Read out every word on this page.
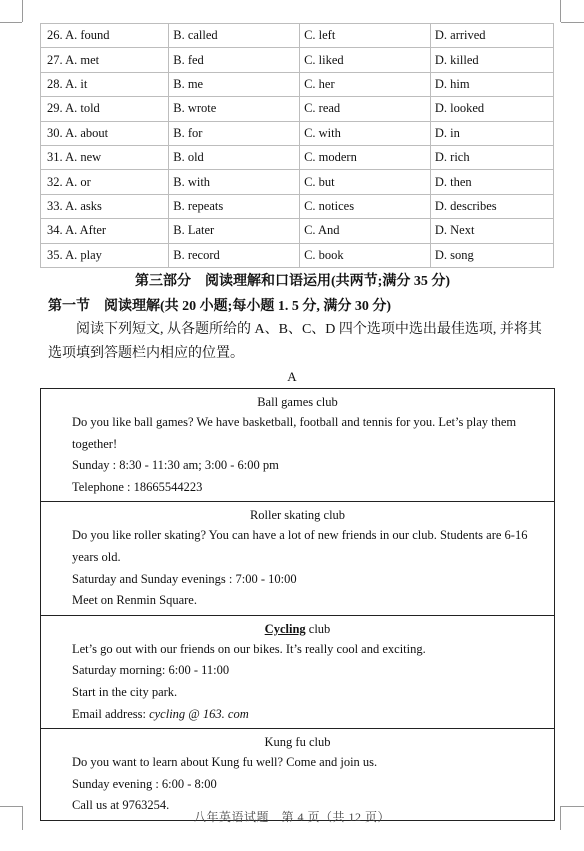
26. A. found	B. called	C. left	D. arrived
27. A. met	B. fed	C. liked	D. killed
28. A. it	B. me	C. her	D. him
29. A. told	B. wrote	C. read	D. looked
30. A. about	B. for	C. with	D. in
31. A. new	B. old	C. modern	D. rich
32. A. or	B. with	C. but	D. then
33. A. asks	B. repeats	C. notices	D. describes
34. A. After	B. Later	C. And	D. Next
35. A. play	B. record	C. book	D. song
第三部分　阅读理解和口语运用(共两节;满分 35 分)
第一节　阅读理解(共 20 小题;每小题 1. 5 分, 满分 30 分)
阅读下列短文, 从各题所给的 A、B、C、D 四个选项中选出最佳选项, 并将其选项填到答题栏内相应的位置。
A
Ball games club
Do you like ball games? We have basketball, football and tennis for you. Let’s play them together!
Sunday : 8:30 - 11:30 am; 3:00 - 6:00 pm
Telephone : 18665544223
Roller skating club
Do you like roller skating? You can have a lot of new friends in our club. Students are 6-16 years old.
Saturday and Sunday evenings : 7:00 - 10:00
Meet on Renmin Square.
Cycling club
Let’s go out with our friends on our bikes. It’s really cool and exciting.
Saturday morning: 6:00 - 11:00
Start in the city park.
Email address: cycling @ 163. com
Kung fu club
Do you want to learn about Kung fu well? Come and join us.
Sunday evening : 6:00 - 8:00
Call us at 9763254.
八年英语试题　第 4 页（共 12 页）
